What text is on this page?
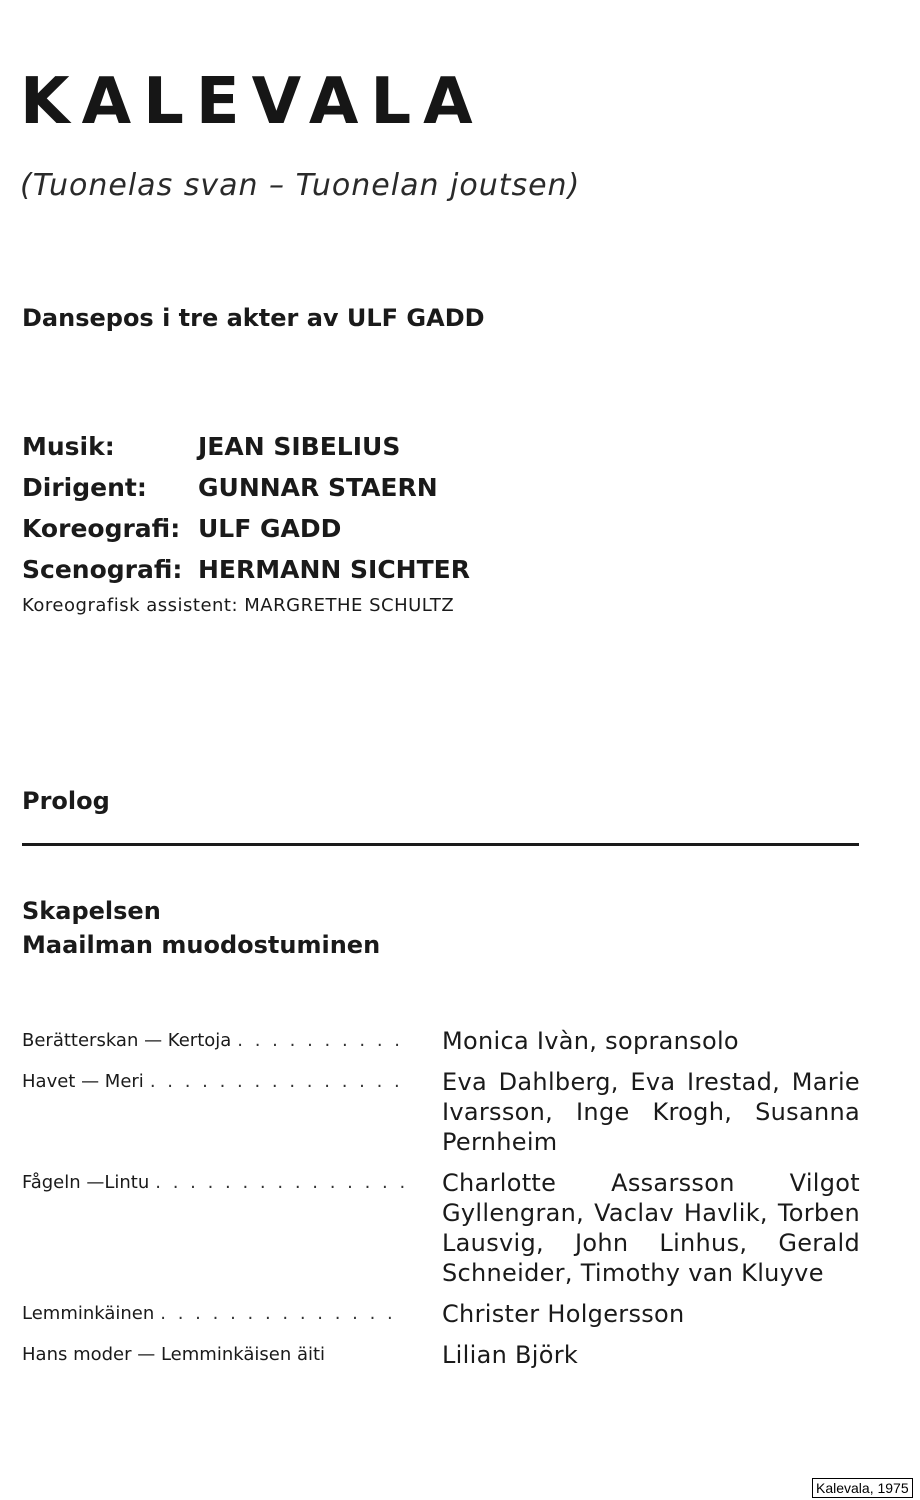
KALEVALA

(Tuonelas svan – Tuonelan joutsen)

Dansepos i tre akter av ULF GADD

Musik:	JEAN SIBELIUS
Dirigent:	GUNNAR STAERN
Koreografi: ULF GADD
Scenografi: HERMANN SICHTER
Koreografisk assistent: MARGRETHE SCHULTZ
Prolog
Skapelsen
Maailman muodostuminen
Berätterskan — Kertoja . . .	Monica Ivàn, sopransolo
Havet — Meri . . .	Eva Dahlberg, Eva Irestad, Marie Ivarsson, Inge Krogh, Susanna Pernheim
Fågeln —Lintu . . .	Charlotte Assarsson Vilgot Gyllengran, Vaclav Havlik, Torben Lausvig, John Linhus, Gerald Schneider, Timothy van Kluyve
Lemminkäinen . . .	Christer Holgersson
Hans moder — Lemminkäisen äiti	Lilian Björk
Kalevala, 1975
